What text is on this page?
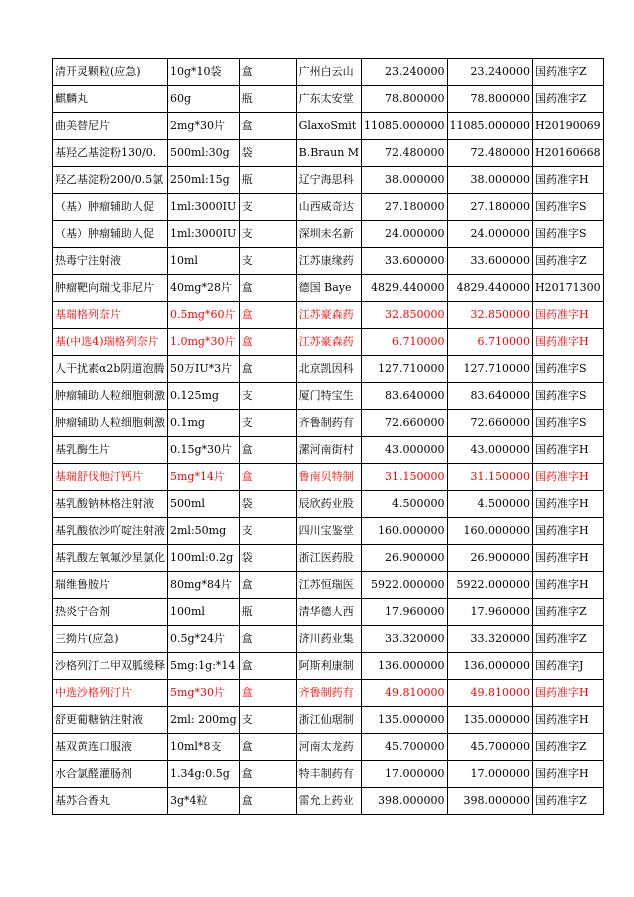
清开灵颗粒(应急)	10g*10袋	盒	广州白云山	23.240000	23.240000	国药准字Z

麒麟丸	60g	瓶	广东太安堂	78.800000	78.800000	国药准字Z

曲美替尼片	2mg*30片	盒	GlaxoSmit	11085.000000	11085.000000	H20190069

基羟乙基淀粉130/0.	500ml:30g	袋	B.Braun M	72.480000	72.480000	H20160668

羟乙基淀粉200/0.5氯	250ml:15g	瓶	辽宁海思科	38.000000	38.000000	国药准字H

（基）肿瘤辅助人促	1ml:3000IU	支	山西威奇达	27.180000	27.180000	国药准字S

（基）肿瘤辅助人促	1ml:3000IU	支	深圳未名新	24.000000	24.000000	国药准字S

热毒宁注射液	10ml	支	江苏康缘药	33.600000	33.600000	国药准字Z

肿瘤靶向瑞戈非尼片	40mg*28片	盒	德国 Baye	4829.440000	4829.440000	H20171300

基瑞格列奈片	0.5mg*60片	盒	江苏豪森药	32.850000	32.850000	国药准字H

基(中选4)瑞格列奈片	1.0mg*30片	盒	江苏豪森药	6.710000	6.710000	国药准字H

人干扰素α2b阴道泡腾	50万IU*3片	盒	北京凯因科	127.710000	127.710000	国药准字S

肿瘤辅助人粒细胞刺激	0.125mg	支	厦门特宝生	83.640000	83.640000	国药准字S

肿瘤辅助人粒细胞刺激	0.1mg	支	齐鲁制药有	72.660000	72.660000	国药准字S

基乳酶生片	0.15g*30片	盒	漯河南街村	43.000000	43.000000	国药准字H

基瑞舒伐他汀钙片	5mg*14片	盒	鲁南贝特制	31.150000	31.150000	国药准字H

基乳酸钠林格注射液	500ml	袋	辰欣药业股	4.500000	4.500000	国药准字H

基乳酸依沙吖啶注射液	2ml:50mg	支	四川宝鉴堂	160.000000	160.000000	国药准字H

基乳酸左氧氟沙星氯化	100ml:0.2g	袋	浙江医药股	26.900000	26.900000	国药准字H

瑞维鲁胺片	80mg*84片	盒	江苏恒瑞医	5922.000000	5922.000000	国药准字H

热炎宁合剂	100ml	瓶	清华德人西	17.960000	17.960000	国药准字Z

三拗片(应急)	0.5g*24片	盒	济川药业集	33.320000	33.320000	国药准字Z

沙格列汀二甲双胍缓释	5mg:1g:*14	盒	阿斯利康制	136.000000	136.000000	国药准字J

中选沙格列汀片	5mg*30片	盒	齐鲁制药有	49.810000	49.810000	国药准字H

舒更葡糖钠注射液	2ml: 200mg	支	浙江仙琚制	135.000000	135.000000	国药准字H

基双黄连口服液	10ml*8支	盒	河南太龙药	45.700000	45.700000	国药准字Z

水合氯醛灌肠剂	1.34g:0.5g	盒	特丰制药有	17.000000	17.000000	国药准字H

基苏合香丸	3g*4粒	盒	雷允上药业	398.000000	398.000000	国药准字Z
